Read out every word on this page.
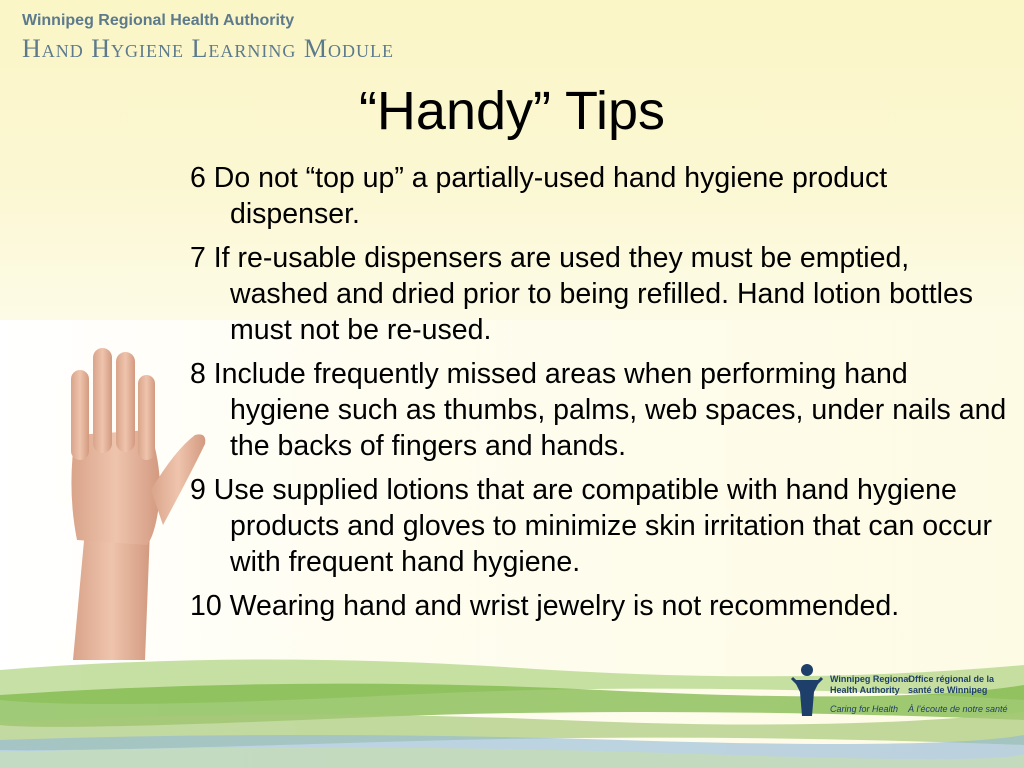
Winnipeg Regional Health Authority
Hand Hygiene Learning Module
“Handy” Tips
6 Do not “top up” a partially-used hand hygiene product dispenser.
7 If re-usable dispensers are used they must be emptied, washed and dried prior to being refilled. Hand lotion bottles must not be re-used.
8 Include frequently missed areas when performing hand hygiene such as thumbs, palms, web spaces, under nails and the backs of fingers and hands.
9 Use supplied lotions that are compatible with hand hygiene products and gloves to minimize skin irritation that can occur with frequent hand hygiene.
10 Wearing hand and wrist jewelry is not recommended.
Winnipeg Regional
Health Authority
Office régional de la
santé de Winnipeg
Caring for Health À l’écoute de notre santé
